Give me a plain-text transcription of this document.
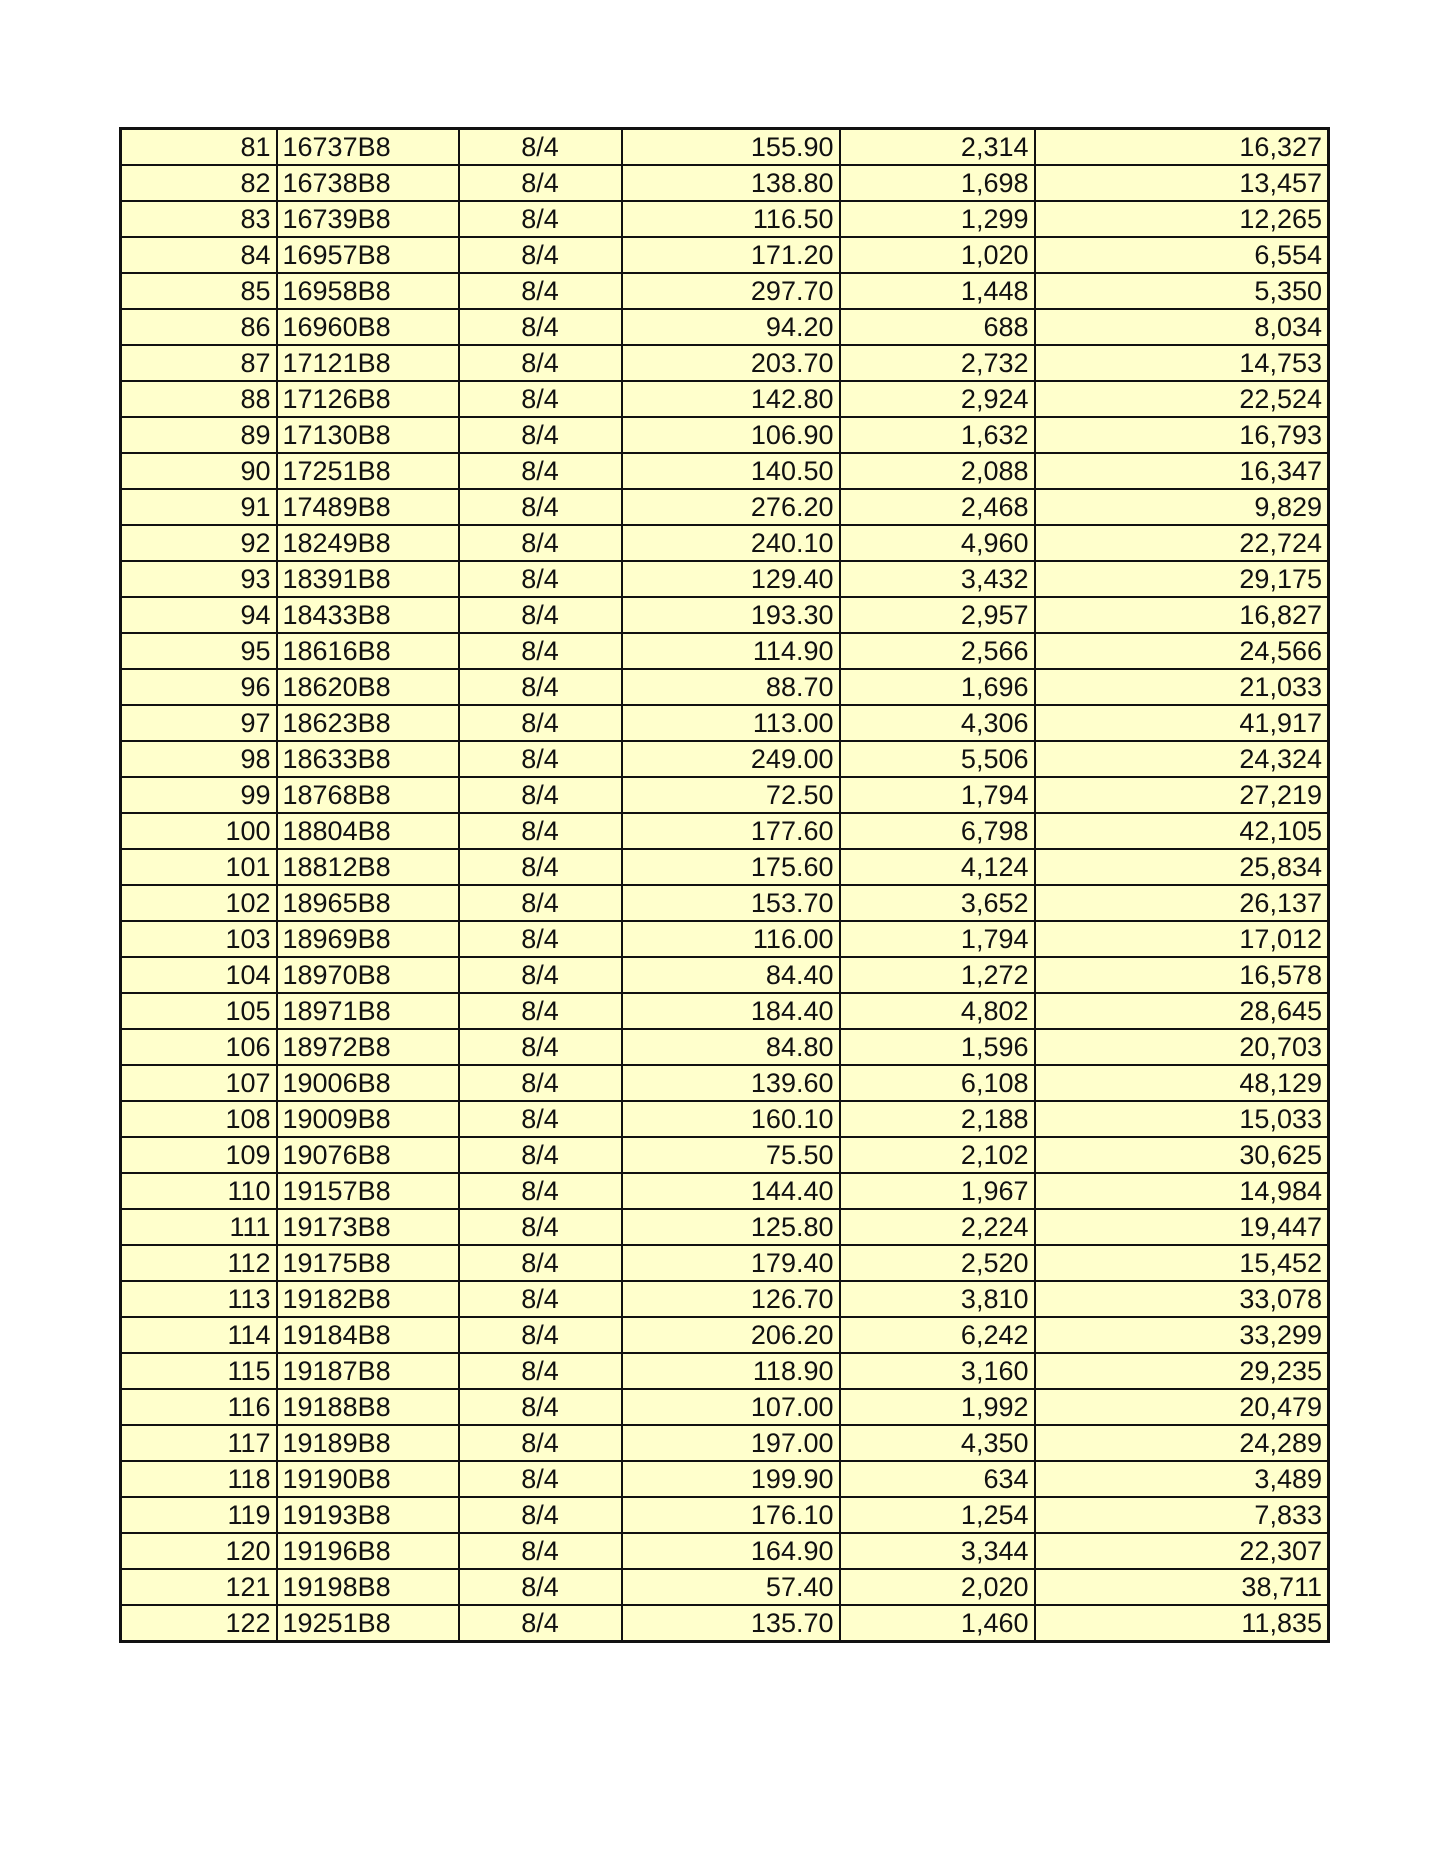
81	16737B8	8/4	155.90	2,314	16,327
82	16738B8	8/4	138.80	1,698	13,457
83	16739B8	8/4	116.50	1,299	12,265
84	16957B8	8/4	171.20	1,020	6,554
85	16958B8	8/4	297.70	1,448	5,350
86	16960B8	8/4	94.20	688	8,034
87	17121B8	8/4	203.70	2,732	14,753
88	17126B8	8/4	142.80	2,924	22,524
89	17130B8	8/4	106.90	1,632	16,793
90	17251B8	8/4	140.50	2,088	16,347
91	17489B8	8/4	276.20	2,468	9,829
92	18249B8	8/4	240.10	4,960	22,724
93	18391B8	8/4	129.40	3,432	29,175
94	18433B8	8/4	193.30	2,957	16,827
95	18616B8	8/4	114.90	2,566	24,566
96	18620B8	8/4	88.70	1,696	21,033
97	18623B8	8/4	113.00	4,306	41,917
98	18633B8	8/4	249.00	5,506	24,324
99	18768B8	8/4	72.50	1,794	27,219
100	18804B8	8/4	177.60	6,798	42,105
101	18812B8	8/4	175.60	4,124	25,834
102	18965B8	8/4	153.70	3,652	26,137
103	18969B8	8/4	116.00	1,794	17,012
104	18970B8	8/4	84.40	1,272	16,578
105	18971B8	8/4	184.40	4,802	28,645
106	18972B8	8/4	84.80	1,596	20,703
107	19006B8	8/4	139.60	6,108	48,129
108	19009B8	8/4	160.10	2,188	15,033
109	19076B8	8/4	75.50	2,102	30,625
110	19157B8	8/4	144.40	1,967	14,984
111	19173B8	8/4	125.80	2,224	19,447
112	19175B8	8/4	179.40	2,520	15,452
113	19182B8	8/4	126.70	3,810	33,078
114	19184B8	8/4	206.20	6,242	33,299
115	19187B8	8/4	118.90	3,160	29,235
116	19188B8	8/4	107.00	1,992	20,479
117	19189B8	8/4	197.00	4,350	24,289
118	19190B8	8/4	199.90	634	3,489
119	19193B8	8/4	176.10	1,254	7,833
120	19196B8	8/4	164.90	3,344	22,307
121	19198B8	8/4	57.40	2,020	38,711
122	19251B8	8/4	135.70	1,460	11,835
